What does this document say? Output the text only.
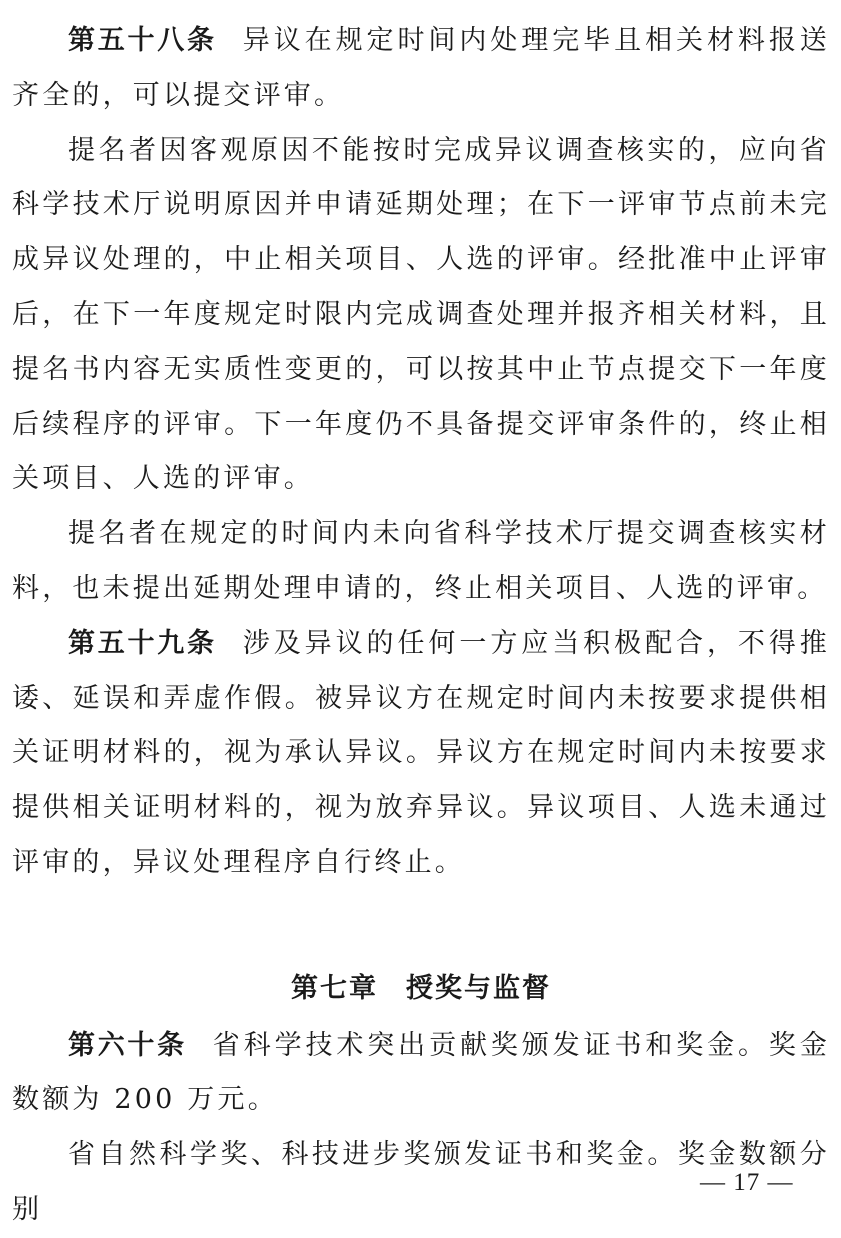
第五十八条 异议在规定时间内处理完毕且相关材料报送齐全的，可以提交评审。

提名者因客观原因不能按时完成异议调查核实的，应向省科学技术厅说明原因并申请延期处理；在下一评审节点前未完成异议处理的，中止相关项目、人选的评审。经批准中止评审后，在下一年度规定时限内完成调查处理并报齐相关材料，且提名书内容无实质性变更的，可以按其中止节点提交下一年度后续程序的评审。下一年度仍不具备提交评审条件的，终止相关项目、人选的评审。

提名者在规定的时间内未向省科学技术厅提交调查核实材料，也未提出延期处理申请的，终止相关项目、人选的评审。

第五十九条 涉及异议的任何一方应当积极配合，不得推诿、延误和弄虚作假。被异议方在规定时间内未按要求提供相关证明材料的，视为承认异议。异议方在规定时间内未按要求提供相关证明材料的，视为放弃异议。异议项目、人选未通过评审的，异议处理程序自行终止。

第七章 授奖与监督

第六十条 省科学技术突出贡献奖颁发证书和奖金。奖金数额为 200 万元。

省自然科学奖、科技进步奖颁发证书和奖金。奖金数额分别

— 17 —
